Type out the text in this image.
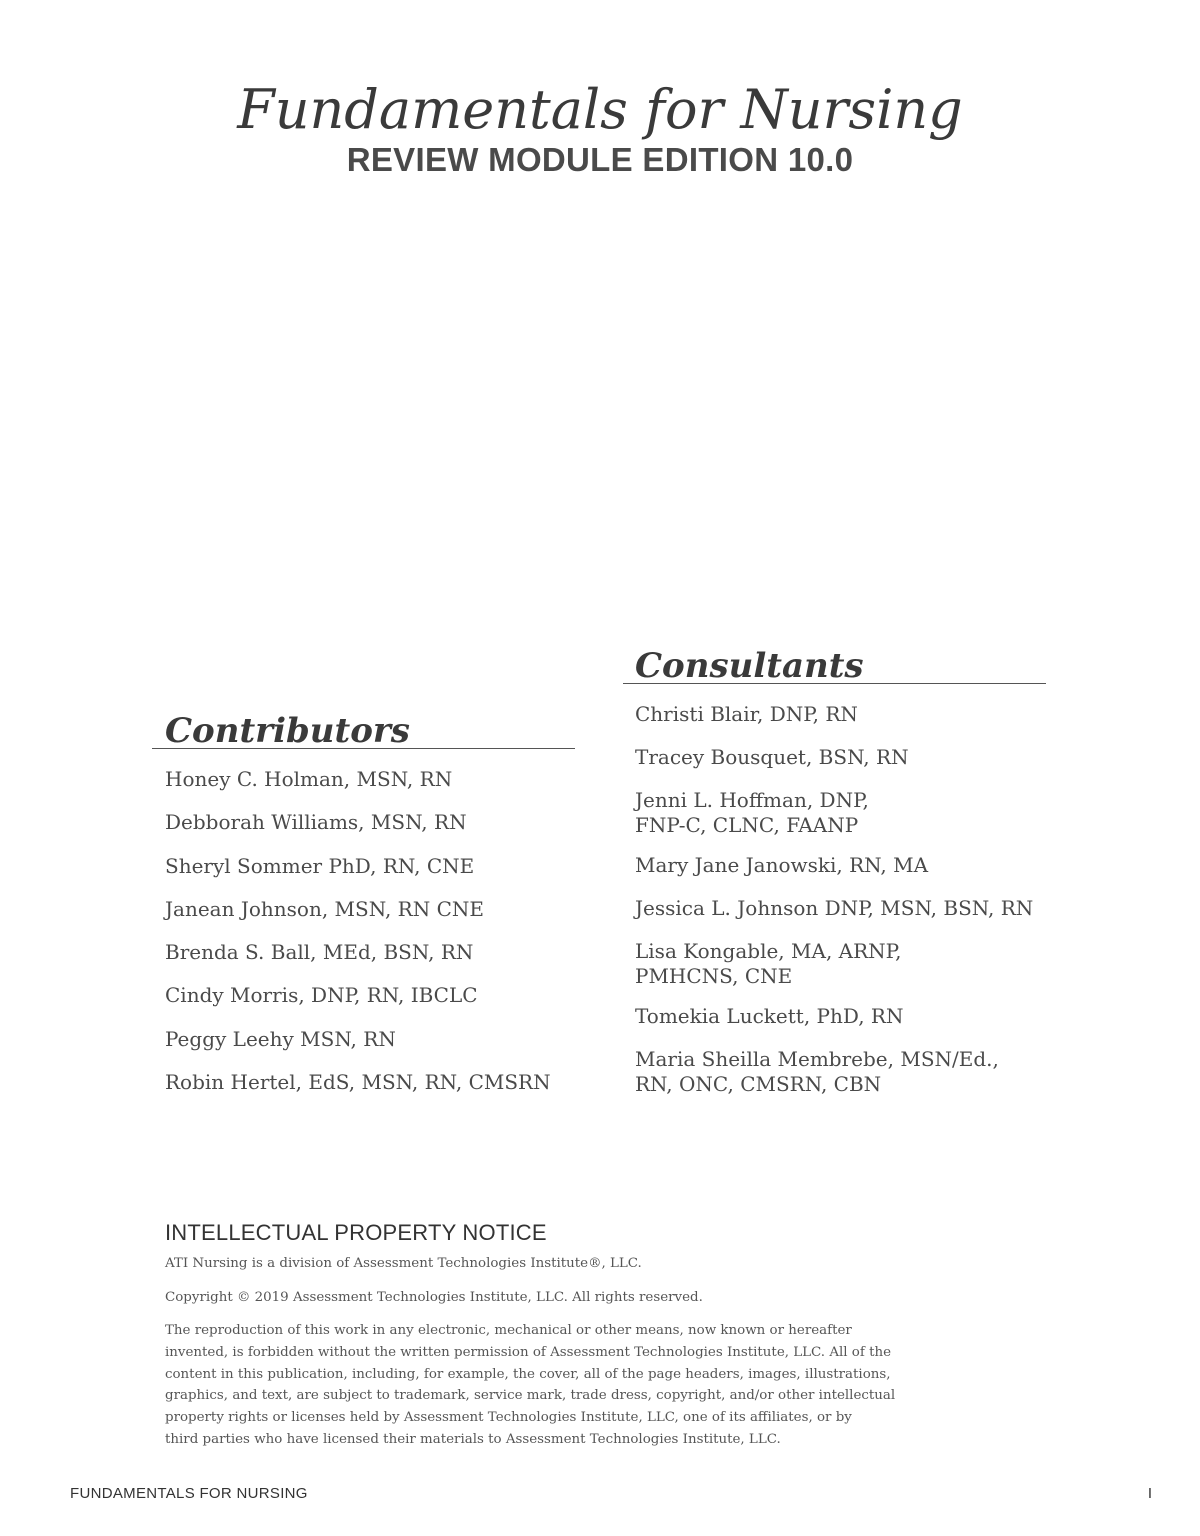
Fundamentals for Nursing
REVIEW MODULE EDITION 10.0
Consultants
Christi Blair, DNP, RN
Tracey Bousquet, BSN, RN
Jenni L. Hoffman, DNP,
FNP-C, CLNC, FAANP
Mary Jane Janowski, RN, MA
Jessica L. Johnson DNP, MSN, BSN, RN
Lisa Kongable, MA, ARNP,
PMHCNS, CNE
Tomekia Luckett, PhD, RN
Maria Sheilla Membrebe, MSN/Ed.,
RN, ONC, CMSRN, CBN
Contributors
Honey C. Holman, MSN, RN
Debborah Williams, MSN, RN
Sheryl Sommer PhD, RN, CNE
Janean Johnson, MSN, RN CNE
Brenda S. Ball, MEd, BSN, RN
Cindy Morris, DNP, RN, IBCLC
Peggy Leehy MSN, RN
Robin Hertel, EdS, MSN, RN, CMSRN
INTELLECTUAL PROPERTY NOTICE

ATI Nursing is a division of Assessment Technologies Institute®, LLC.

Copyright © 2019 Assessment Technologies Institute, LLC. All rights reserved.

The reproduction of this work in any electronic, mechanical or other means, now known or hereafter
invented, is forbidden without the written permission of Assessment Technologies Institute, LLC. All of the
content in this publication, including, for example, the cover, all of the page headers, images, illustrations,
graphics, and text, are subject to trademark, service mark, trade dress, copyright, and/or other intellectual
property rights or licenses held by Assessment Technologies Institute, LLC, one of its affiliates, or by
third parties who have licensed their materials to Assessment Technologies Institute, LLC.
FUNDAMENTALS FOR NURSING	I
